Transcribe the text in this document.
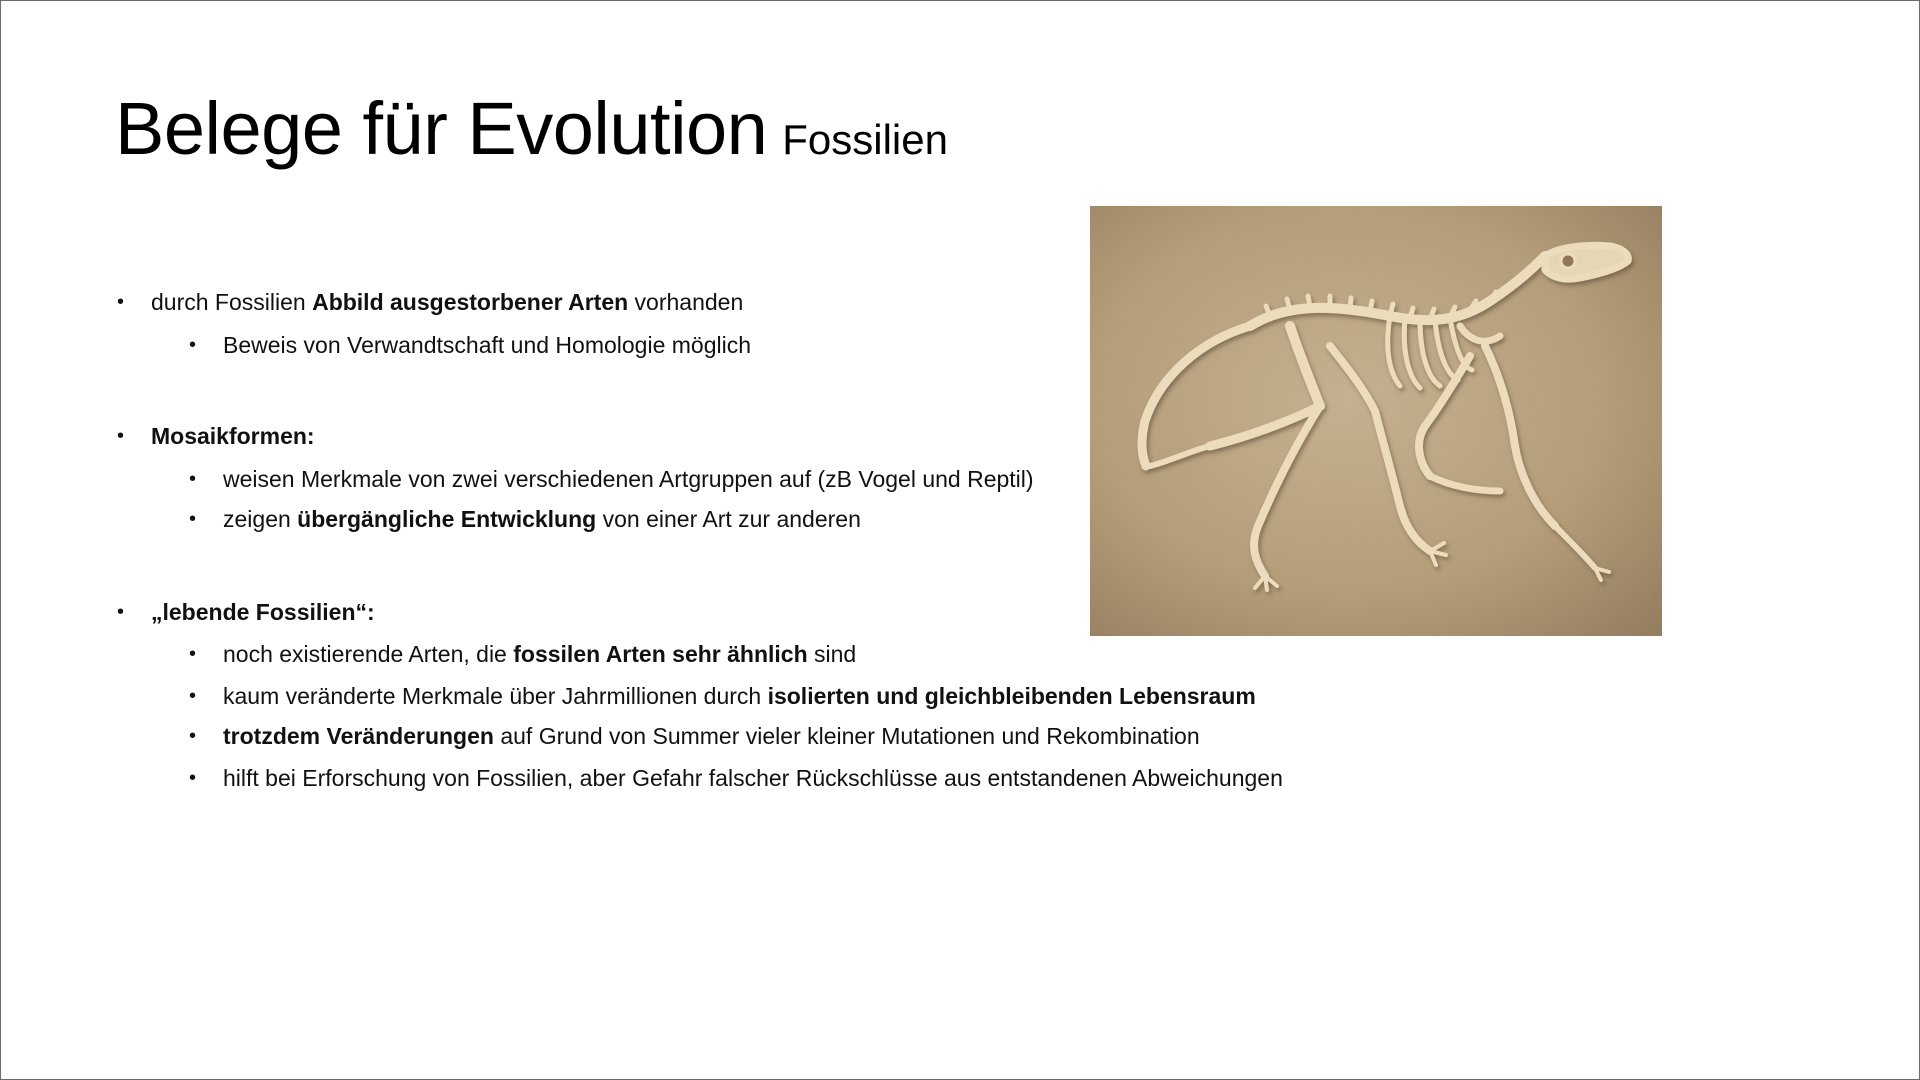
Belege für Evolution Fossilien
• durch Fossilien Abbild ausgestorbener Arten vorhanden
• Beweis von Verwandtschaft und Homologie möglich
• Mosaikformen:
• weisen Merkmale von zwei verschiedenen Artgruppen auf (zB Vogel und Reptil)
• zeigen übergängliche Entwicklung von einer Art zur anderen
• „lebende Fossilien“:
• noch existierende Arten, die fossilen Arten sehr ähnlich sind
• kaum veränderte Merkmale über Jahrmillionen durch isolierten und gleichbleibenden Lebensraum
• trotzdem Veränderungen auf Grund von Summer vieler kleiner Mutationen und Rekombination
• hilft bei Erforschung von Fossilien, aber Gefahr falscher Rückschlüsse aus entstandenen Abweichungen
